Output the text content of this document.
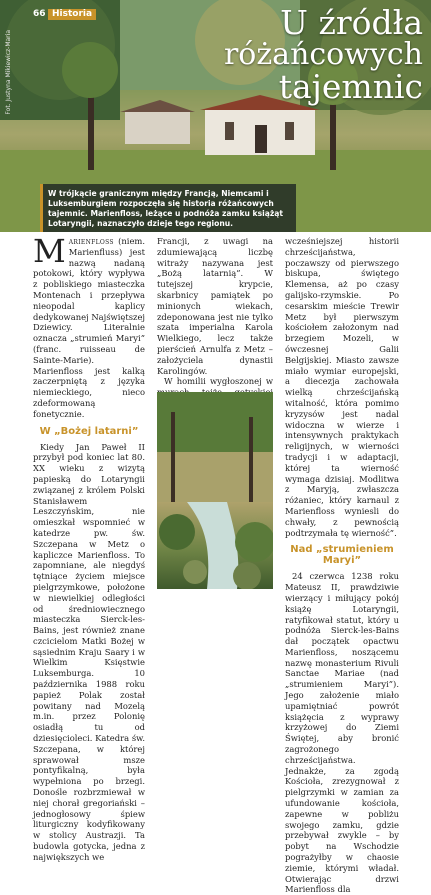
66 Historia
Fot. Justyna Mikiewicz-Maria
U źródła
różańcowych
tajemnic
W trójkącie granicznym między Francją, Niemcami i Luksemburgiem rozpoczęła się historia różańcowych tajemnic. Marienfloss, leżące u podnóża zamku książąt Lotaryngii, naznaczyło dzieje tego regionu.

Marienfloss (niem. Marienfluss) jest nazwą nadaną potokowi, który wypływa z pobliskiego miasteczka Montenach i przepływa nieopodal kaplicy dedykowanej Najświętszej Dziewicy. Literalnie oznacza „strumień Maryi” (franc. ruisseau de Sainte-Marie). Marienfloss jest kalką zaczerpniętą z języka niemieckiego, nieco zdeformowaną fonetycznie.

W „Bożej latarni”

Kiedy Jan Paweł II przybył pod koniec lat 80. XX wieku z wizytą papieską do Lotaryngii związanej z królem Polski Stanisławem Leszczyńskim, nie omieszkał wspomnieć w katedrze pw. św. Szczepana w Metz o kapliczce Marienfloss. To zapomniane, ale niegdyś tętniące życiem miejsce pielgrzymkowe, położone w niewielkiej odległości od średniowiecznego miasteczka Sierck-les-Bains, jest również znane czcicielom Matki Bożej w sąsiednim Kraju Saary i w Wielkim Księstwie Luksemburga. 10 października 1988 roku papież Polak został powitany nad Mozelą m.in. przez Polonię osiadłą tu od dziesięcioleci. Katedra św. Szczepana, w której sprawował msze pontyfikalną, była wypełniona po brzegi. Donośle rozbrzmiewał w niej chorał gregoriański – jednogłosowy śpiew liturgiczny kodyfikowany w stolicy Austrazji. Ta budowla gotycka, jedna z największych we

Francji, z uwagi na zdumiewającą liczbę witraży nazywana jest „Bożą latarnią”. W tutejszej krypcie, skarbnicy pamiątek po minionych wiekach, zdeponowana jest nie tylko szata imperialna Karola Wielkiego, lecz także pierścień Arnulfa z Metz – założyciela dynastii Karolingów.

W homilii wygłoszonej w

wcześniejszej historii chrześcijaństwa, poczawszy od pierwszego biskupa, świętego Klemensa, aż po czasy galijsko-rzymskie. Po cesarskim mieście Trewir Metz był pierwszym kościołem założonym nad brzegiem Mozeli, w ówczesnej Galii Belgijskiej. Miasto zawsze miało wymiar europejski, a diecezja zachowała wielką chrześcijańską witalność, która pomimo kryzysów jest nadal widoczna w wierze i intensywnych praktykach religijnych, w wierności tradycji i w adaptacji, której ta wierność wymaga dzisiaj. Modlitwa z Maryją, zwłaszcza różaniec, który karnaul z Marienfloss wyniesli do chwały, z pewnością podtrzymała tę wierność”.

Nad „strumieniem Maryi”

24 czerwca 1238 roku Mateusz II, prawdziwie wierzący i miłujący pokój książę Lotaryngii, ratyfikował statut, który u podnóża Sierck-les-Bains dał początek opactwu Marienfloss, noszącemu nazwę monasterium Rivuli Sanctae Mariae (nad „strumieniem Maryi”). Jego założenie miało upamiętniać powrót książęcia z wyprawy krzyżowej do Ziemi Świętej, aby bronić zagrożonego chrześcijaństwa. Jednakże, za zgodą Kościoła, zrezygnował z pielgrzymki w zamian za ufundowanie kościoła, zapewne w pobliżu swojego zamku, gdzie przebywał zwykle – by pobyt na Wschodzie pograżyłby w chaosie ziemie, którymi władał. Otwierając drzwi Marienfloss dla
